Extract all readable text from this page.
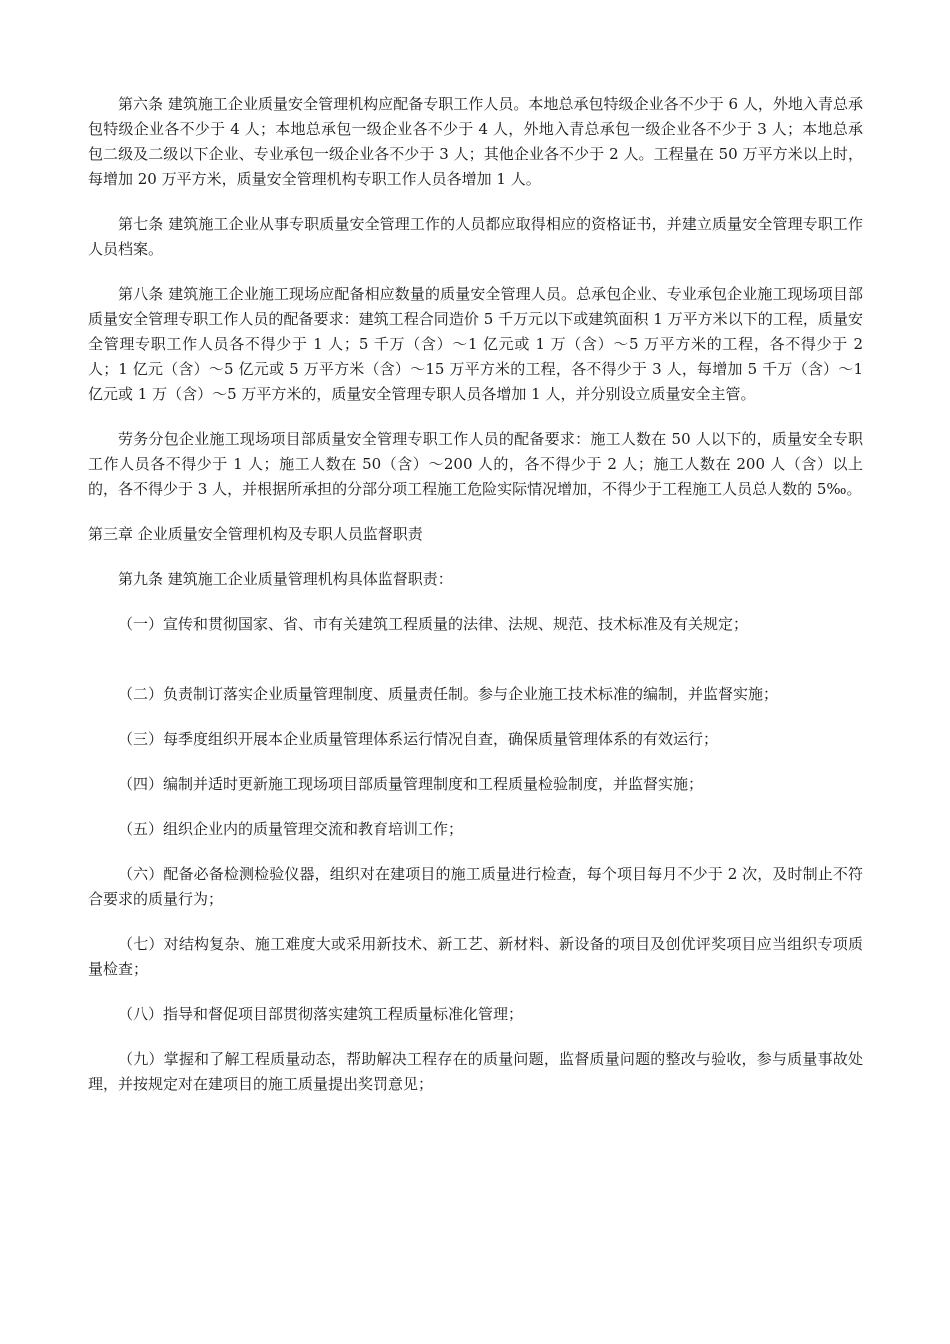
第六条 建筑施工企业质量安全管理机构应配备专职工作人员。本地总承包特级企业各不少于 6 人，外地入青总承包特级企业各不少于 4 人；本地总承包一级企业各不少于 4 人，外地入青总承包一级企业各不少于 3 人；本地总承包二级及二级以下企业、专业承包一级企业各不少于 3 人；其他企业各不少于 2 人。工程量在 50 万平方米以上时，每增加 20 万平方米，质量安全管理机构专职工作人员各增加 1 人。

第七条 建筑施工企业从事专职质量安全管理工作的人员都应取得相应的资格证书，并建立质量安全管理专职工作人员档案。

第八条 建筑施工企业施工现场应配备相应数量的质量安全管理人员。总承包企业、专业承包企业施工现场项目部质量安全管理专职工作人员的配备要求：建筑工程合同造价 5 千万元以下或建筑面积 1 万平方米以下的工程，质量安全管理专职工作人员各不得少于 1 人；5 千万（含）～1 亿元或 1 万（含）～5 万平方米的工程，各不得少于 2 人；1 亿元（含）～5 亿元或 5 万平方米（含）～15 万平方米的工程，各不得少于 3 人，每增加 5 千万（含）～1 亿元或 1 万（含）～5 万平方米的，质量安全管理专职人员各增加 1 人，并分别设立质量安全主管。

劳务分包企业施工现场项目部质量安全管理专职工作人员的配备要求：施工人数在 50 人以下的，质量安全专职工作人员各不得少于 1 人；施工人数在 50（含）～200 人的，各不得少于 2 人；施工人数在 200 人（含）以上的，各不得少于 3 人，并根据所承担的分部分项工程施工危险实际情况增加，不得少于工程施工人员总人数的 5‰。

第三章 企业质量安全管理机构及专职人员监督职责

第九条 建筑施工企业质量管理机构具体监督职责：

（一）宣传和贯彻国家、省、市有关建筑工程质量的法律、法规、规范、技术标准及有关规定；

（二）负责制订落实企业质量管理制度、质量责任制。参与企业施工技术标准的编制，并监督实施；

（三）每季度组织开展本企业质量管理体系运行情况自查，确保质量管理体系的有效运行；

（四）编制并适时更新施工现场项目部质量管理制度和工程质量检验制度，并监督实施；

（五）组织企业内的质量管理交流和教育培训工作；

（六）配备必备检测检验仪器，组织对在建项目的施工质量进行检查，每个项目每月不少于 2 次，及时制止不符合要求的质量行为；

（七）对结构复杂、施工难度大或采用新技术、新工艺、新材料、新设备的项目及创优评奖项目应当组织专项质量检查；

（八）指导和督促项目部贯彻落实建筑工程质量标准化管理；

（九）掌握和了解工程质量动态，帮助解决工程存在的质量问题，监督质量问题的整改与验收，参与质量事故处理，并按规定对在建项目的施工质量提出奖罚意见；
